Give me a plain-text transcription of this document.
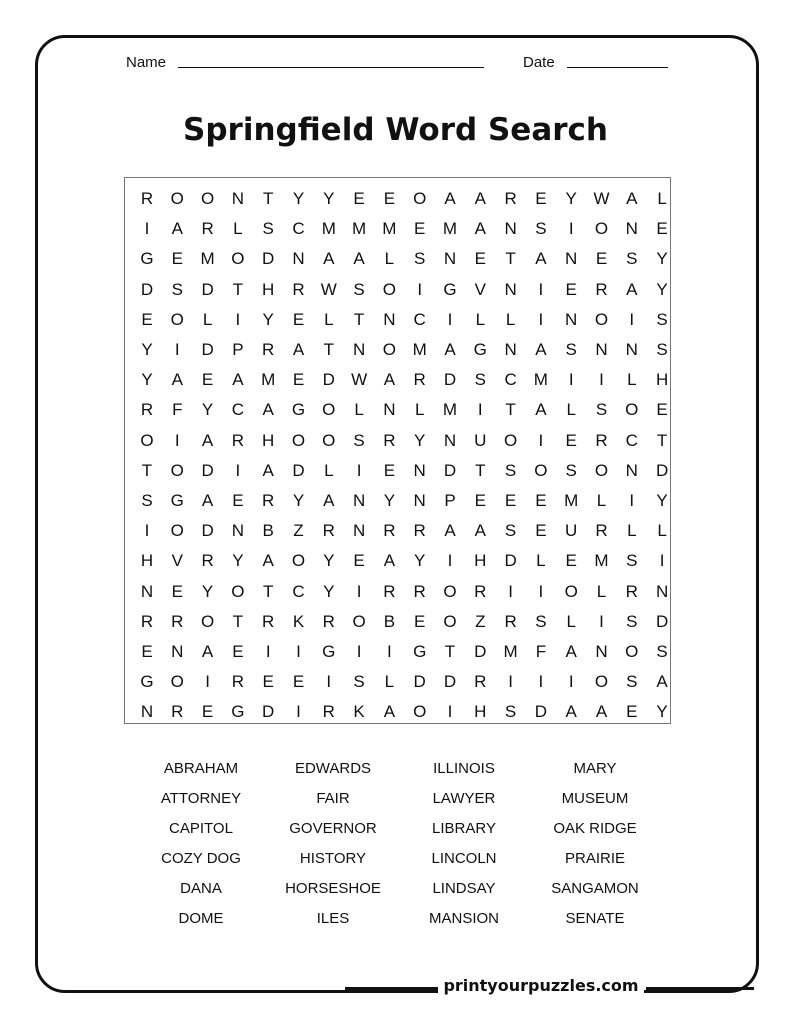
Name	Date
Springfield Word Search
R	O	O	N	T	Y	Y	E	E	O	A	A	R	E	Y W A	L
I	A	R	L	S	C	M M M	E	M	A	N	S	I	O	N	E
G	E	M O	D	N	A	A	L	S	N	E	T	A	N	E	S	Y
D	S	D	T	H	R W S	O	I	G	V	N	I	E	R	A	Y
E	O	L	I	Y	E	L	T	N	C	I	L	L	I	N	O	I	S
Y	I	D	P	R	A	T	N	O M	A	G	N	A	S	N	N	S
Y	A	E	A	M	E	D W A	R	D	S	C	M	I	I	L	H
R	F	Y	C	A	G	O	L	N	L	M	I	T	A	L	S	O	E
O	I	A	R	H	O	O	S	R	Y	N	U	O	I	E	R	C	T
T	O	D	I	A	D	L	I	E	N	D	T	S	O	S	O	N	D
S	G	A	E	R	Y	A	N	Y	N	P	E	E	E	M	L	I	Y
I	O	D	N	B	Z	R	N	R	R	A	A	S	E	U	R	L	L
H	V	R	Y	A	O	Y	E	A	Y	I	H	D	L	E	M	S	I
N	E	Y	O	T	C	Y	I	R	R	O	R	I	I	O	L	R	N
R	R	O	T	R	K	R	O	B	E	O	Z	R	S	L	I	S	D
E	N	A	E	I	I	G	I	I	G	T	D	M	F	A	N	O	S
G	O	I	R	E	E	I	S	L	D	D	R	I	I	I	O	S	A
N	R	E	G	D	I	R	K	A	O	I	H	S	D	A	A	E	Y
ABRAHAM
ATTORNEY
CAPITOL
COZY DOG
DANA
DOME
EDWARDS
FAIR
GOVERNOR
HISTORY
HORSESHOE
ILES
ILLINOIS
LAWYER
LIBRARY
LINCOLN
LINDSAY
MANSION
MARY
MUSEUM
OAK RIDGE
PRAIRIE
SANGAMON
SENATE
printyourpuzzles.com
